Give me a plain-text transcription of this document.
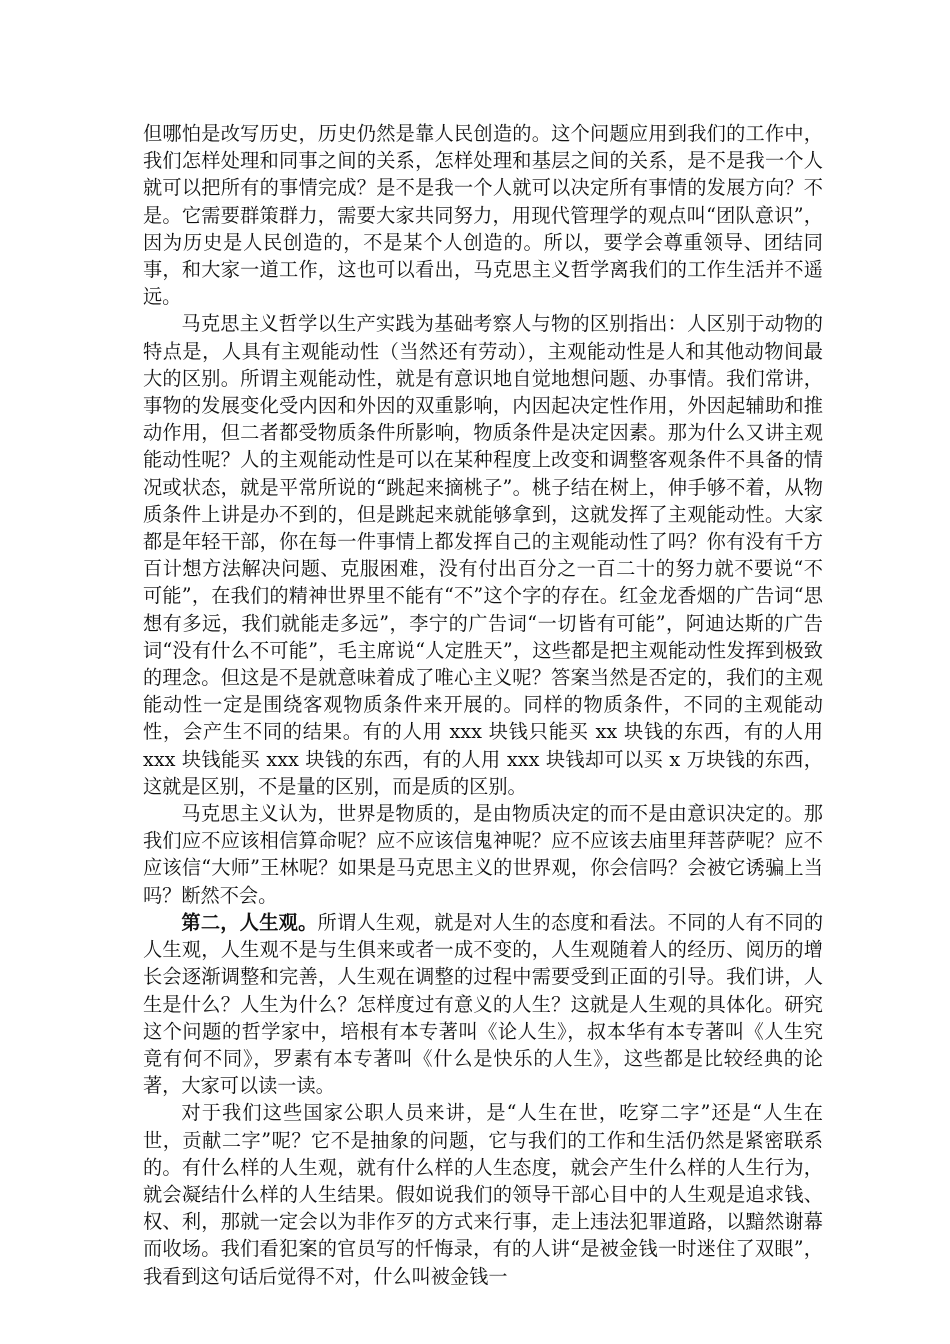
但哪怕是改写历史，历史仍然是靠人民创造的。这个问题应用到我们的工作中，我们怎样处理和同事之间的关系，怎样处理和基层之间的关系，是不是我一个人就可以把所有的事情完成？是不是我一个人就可以决定所有事情的发展方向？不是。它需要群策群力，需要大家共同努力，用现代管理学的观点叫“团队意识”，因为历史是人民创造的，不是某个人创造的。所以，要学会尊重领导、团结同事，和大家一道工作，这也可以看出，马克思主义哲学离我们的工作生活并不遥远。

马克思主义哲学以生产实践为基础考察人与物的区别指出：人区别于动物的特点是，人具有主观能动性（当然还有劳动），主观能动性是人和其他动物间最大的区别。所谓主观能动性，就是有意识地自觉地想问题、办事情。我们常讲，事物的发展变化受内因和外因的双重影响，内因起决定性作用，外因起辅助和推动作用，但二者都受物质条件所影响，物质条件是决定因素。那为什么又讲主观能动性呢？人的主观能动性是可以在某种程度上改变和调整客观条件不具备的情况或状态，就是平常所说的“跳起来摘桃子”。桃子结在树上，伸手够不着，从物质条件上讲是办不到的，但是跳起来就能够拿到，这就发挥了主观能动性。大家都是年轻干部，你在每一件事情上都发挥自己的主观能动性了吗？你有没有千方百计想方法解决问题、克服困难，没有付出百分之一百二十的努力就不要说“不可能”，在我们的精神世界里不能有“不”这个字的存在。红金龙香烟的广告词“思想有多远，我们就能走多远”，李宁的广告词“一切皆有可能”，阿迪达斯的广告词“没有什么不可能”，毛主席说“人定胜天”，这些都是把主观能动性发挥到极致的理念。但这是不是就意味着成了唯心主义呢？答案当然是否定的，我们的主观能动性一定是围绕客观物质条件来开展的。同样的物质条件，不同的主观能动性，会产生不同的结果。有的人用 xxx 块钱只能买 xx 块钱的东西，有的人用 xxx 块钱能买 xxx 块钱的东西，有的人用 xxx 块钱却可以买 x 万块钱的东西，这就是区别，不是量的区别，而是质的区别。

马克思主义认为，世界是物质的，是由物质决定的而不是由意识决定的。那我们应不应该相信算命呢？应不应该信鬼神呢？应不应该去庙里拜菩萨呢？应不应该信“大师”王林呢？如果是马克思主义的世界观，你会信吗？会被它诱骗上当吗？断然不会。

第二，人生观。所谓人生观，就是对人生的态度和看法。不同的人有不同的人生观，人生观不是与生俱来或者一成不变的，人生观随着人的经历、阅历的增长会逐渐调整和完善，人生观在调整的过程中需要受到正面的引导。我们讲，人生是什么？人生为什么？怎样度过有意义的人生？这就是人生观的具体化。研究这个问题的哲学家中，培根有本专著叫《论人生》，叔本华有本专著叫《人生究竟有何不同》，罗素有本专著叫《什么是快乐的人生》，这些都是比较经典的论著，大家可以读一读。

对于我们这些国家公职人员来讲，是“人生在世，吃穿二字”还是“人生在世，贡献二字”呢？它不是抽象的问题，它与我们的工作和生活仍然是紧密联系的。有什么样的人生观，就有什么样的人生态度，就会产生什么样的人生行为，就会凝结什么样的人生结果。假如说我们的领导干部心目中的人生观是追求钱、权、利，那就一定会以为非作歹的方式来行事，走上违法犯罪道路，以黯然谢幕而收场。我们看犯案的官员写的忏悔录，有的人讲“是被金钱一时迷住了双眼”，我看到这句话后觉得不对，什么叫被金钱一
